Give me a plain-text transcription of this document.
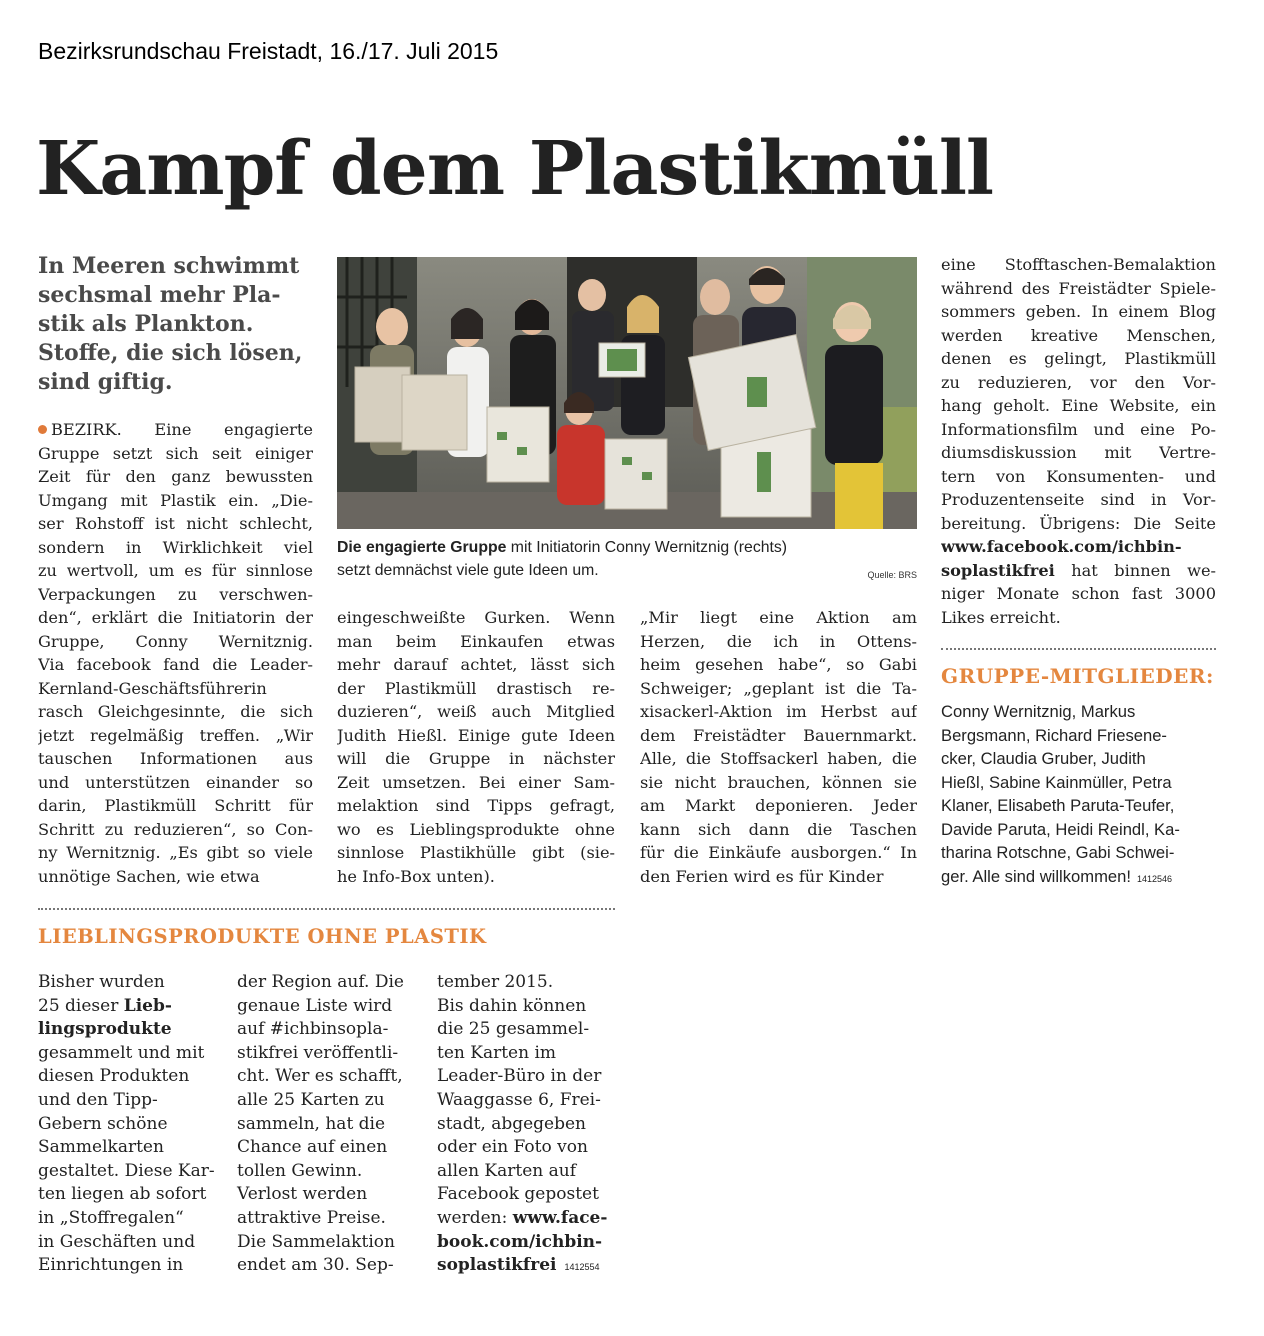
Bezirksrundschau Freistadt, 16./17. Juli 2015
Kampf dem Plastikmüll
In Meeren schwimmt
sechsmal mehr Pla-
stik als Plankton.
Stoffe, die sich lösen,
sind giftig.
BEZIRK. Eine engagierte
Gruppe setzt sich seit einiger
Zeit für den ganz bewussten
Umgang mit Plastik ein. „Die-
ser Rohstoff ist nicht schlecht,
sondern in Wirklichkeit viel
zu wertvoll, um es für sinnlose
Verpackungen zu verschwen-
den“, erklärt die Initiatorin der
Gruppe, Conny Wernitznig.
Via facebook fand die Leader-
Kernland-Geschäftsführerin
rasch Gleichgesinnte, die sich
jetzt regelmäßig treffen. „Wir
tauschen Informationen aus
und unterstützen einander so
darin, Plastikmüll Schritt für
Schritt zu reduzieren“, so Con-
ny Wernitznig. „Es gibt so viele
unnötige Sachen, wie etwa
Die engagierte Gruppe mit Initiatorin Conny Wernitznig (rechts)
setzt demnächst viele gute Ideen um.	Quelle: BRS
eingeschweißte Gurken. Wenn
man beim Einkaufen etwas
mehr darauf achtet, lässt sich
der Plastikmüll drastisch re-
duzieren“, weiß auch Mitglied
Judith Hießl. Einige gute Ideen
will die Gruppe in nächster
Zeit umsetzen. Bei einer Sam-
melaktion sind Tipps gefragt,
wo es Lieblingsprodukte ohne
sinnlose Plastikhülle gibt (sie-
he Info-Box unten).
„Mir liegt eine Aktion am
Herzen, die ich in Ottens-
heim gesehen habe“, so Gabi
Schweiger; „geplant ist die Ta-
xisackerl-Aktion im Herbst auf
dem Freistädter Bauernmarkt.
Alle, die Stoffsackerl haben, die
sie nicht brauchen, können sie
am Markt deponieren. Jeder
kann sich dann die Taschen
für die Einkäufe ausborgen.“ In
den Ferien wird es für Kinder
eine Stofftaschen-Bemalaktion
während des Freistädter Spiele-
sommers geben. In einem Blog
werden kreative Menschen,
denen es gelingt, Plastikmüll
zu reduzieren, vor den Vor-
hang geholt. Eine Website, ein
Informationsfilm und eine Po-
diumsdiskussion mit Vertre-
tern von Konsumenten- und
Produzentenseite sind in Vor-
bereitung. Übrigens: Die Seite
www.facebook.com/ichbin-
soplastikfrei hat binnen we-
niger Monate schon fast 3000
Likes erreicht.
GRUPPE-MITGLIEDER:
Conny Wernitznig, Markus
Bergsmann, Richard Friesene-
cker, Claudia Gruber, Judith
Hießl, Sabine Kainmüller, Petra
Klaner, Elisabeth Paruta-Teufer,
Davide Paruta, Heidi Reindl, Ka-
tharina Rotschne, Gabi Schwei-
ger. Alle sind willkommen! 1412546
LIEBLINGSPRODUKTE OHNE PLASTIK
Bisher wurden
25 dieser Lieb-
lingsprodukte
gesammelt und mit
diesen Produkten
und den Tipp-
Gebern schöne
Sammelkarten
gestaltet. Diese Kar-
ten liegen ab sofort
in „Stoffregalen“
in Geschäften und
Einrichtungen in
der Region auf. Die
genaue Liste wird
auf #ichbinsopla-
stikfrei veröffentli-
cht. Wer es schafft,
alle 25 Karten zu
sammeln, hat die
Chance auf einen
tollen Gewinn.
Verlost werden
attraktive Preise.
Die Sammelaktion
endet am 30. Sep-
tember 2015.
Bis dahin können
die 25 gesammel-
ten Karten im
Leader-Büro in der
Waaggasse 6, Frei-
stadt, abgegeben
oder ein Foto von
allen Karten auf
Facebook gepostet
werden: www.face-
book.com/ichbin-
soplastikfrei 1412554
